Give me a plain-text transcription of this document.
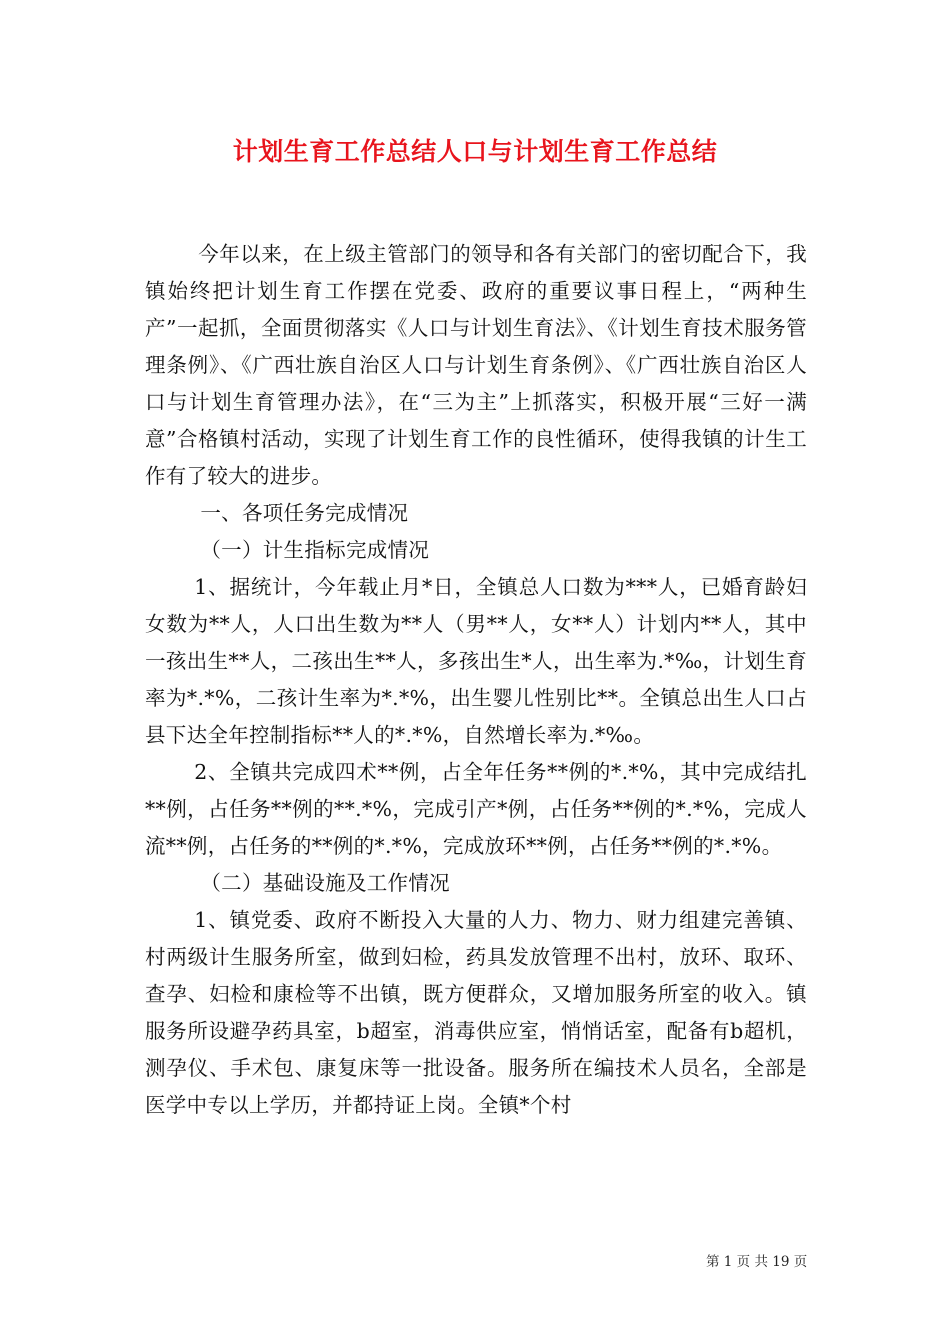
计划生育工作总结人口与计划生育工作总结

今年以来，在上级主管部门的领导和各有关部门的密切配合下，我镇始终把计划生育工作摆在党委、政府的重要议事日程上，“两种生产”一起抓，全面贯彻落实《人口与计划生育法》、《计划生育技术服务管理条例》、《广西壮族自治区人口与计划生育条例》、《广西壮族自治区人口与计划生育管理办法》，在“三为主”上抓落实，积极开展“三好一满意”合格镇村活动，实现了计划生育工作的良性循环，使得我镇的计生工作有了较大的进步。

一、各项任务完成情况

（一）计生指标完成情况

1、据统计，今年载止月*日，全镇总人口数为***人，已婚育龄妇女数为**人，人口出生数为**人（男**人，女**人）计划内**人，其中一孩出生**人，二孩出生**人，多孩出生*人，出生率为.*‰，计划生育率为*.*%，二孩计生率为*.*%，出生婴儿性别比**。全镇总出生人口占县下达全年控制指标**人的*.*%，自然增长率为.*‰。

2、全镇共完成四术**例，占全年任务**例的*.*%，其中完成结扎**例，占任务**例的**.*%，完成引产*例，占任务**例的*.*%，完成人流**例，占任务的**例的*.*%，完成放环**例，占任务**例的*.*%。

（二）基础设施及工作情况

1、镇党委、政府不断投入大量的人力、物力、财力组建完善镇、村两级计生服务所室，做到妇检，药具发放管理不出村，放环、取环、查孕、妇检和康检等不出镇，既方便群众，又增加服务所室的收入。镇服务所设避孕药具室，b超室，消毒供应室，悄悄话室，配备有b超机，测孕仪、手术包、康复床等一批设备。服务所在编技术人员名，全部是医学中专以上学历，并都持证上岗。全镇*个村

第 1 页 共 19 页
